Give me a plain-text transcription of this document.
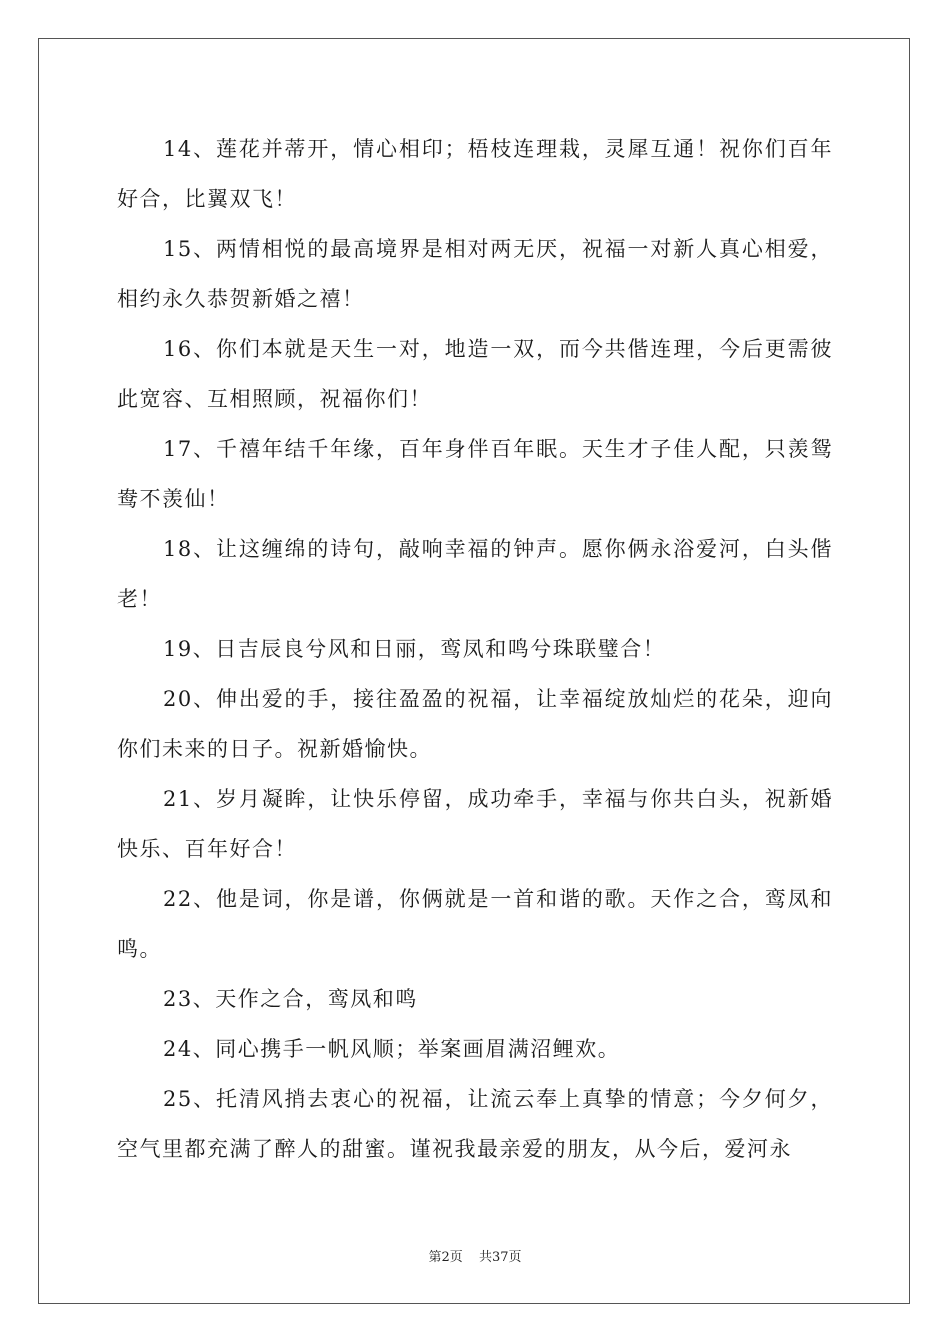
14、莲花并蒂开，情心相印；梧枝连理栽，灵犀互通！祝你们百年好合，比翼双飞！

15、两情相悦的最高境界是相对两无厌，祝福一对新人真心相爱，相约永久恭贺新婚之禧！

16、你们本就是天生一对，地造一双，而今共偕连理，今后更需彼此宽容、互相照顾，祝福你们！

17、千禧年结千年缘，百年身伴百年眠。天生才子佳人配，只羡鸳鸯不羡仙！

18、让这缠绵的诗句，敲响幸福的钟声。愿你俩永浴爱河，白头偕老！

19、日吉辰良兮风和日丽，鸾凤和鸣兮珠联璧合！

20、伸出爱的手，接往盈盈的祝福，让幸福绽放灿烂的花朵，迎向你们未来的日子。祝新婚愉快。

21、岁月凝眸，让快乐停留，成功牵手，幸福与你共白头，祝新婚快乐、百年好合！

22、他是词，你是谱，你俩就是一首和谐的歌。天作之合，鸾凤和鸣。

23、天作之合，鸾凤和鸣

24、同心携手一帆风顺；举案画眉满沼鲤欢。

25、托清风捎去衷心的祝福，让流云奉上真挚的情意；今夕何夕，空气里都充满了醉人的甜蜜。谨祝我最亲爱的朋友，从今后，爱河永

第2页 共37页
